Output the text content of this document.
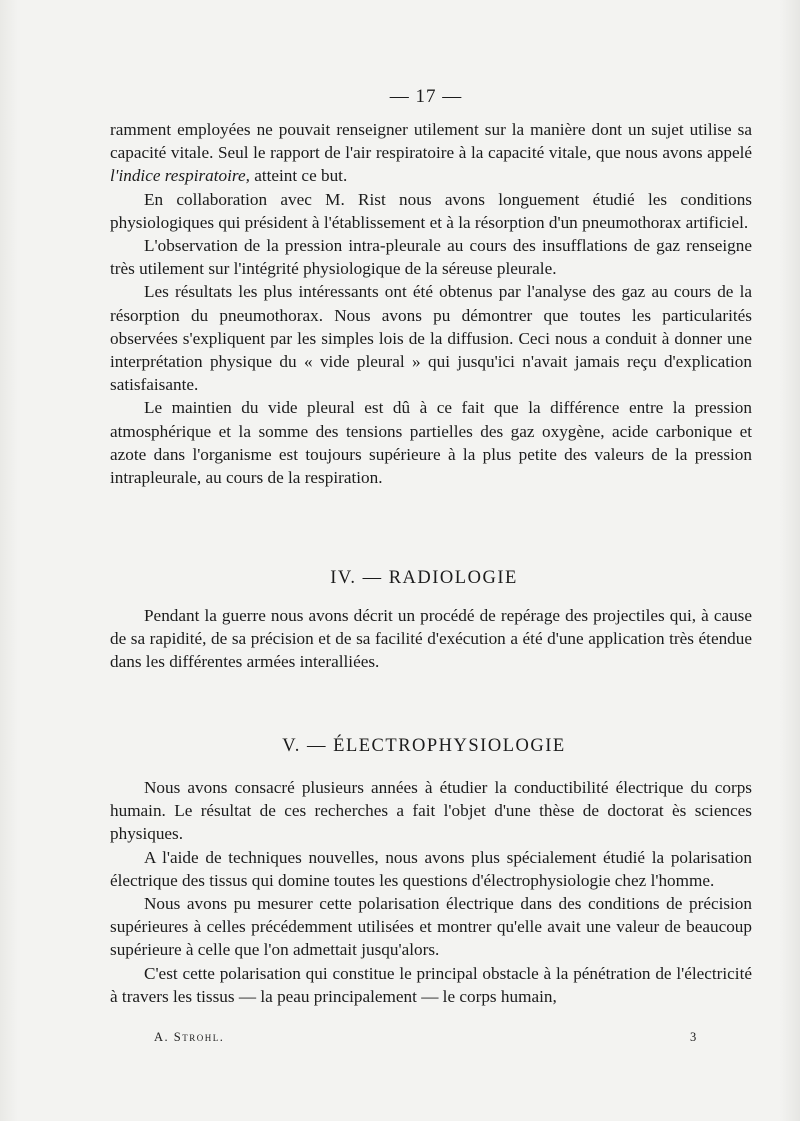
— 17 —

ramment employées ne pouvait renseigner utilement sur la manière dont un sujet utilise sa capacité vitale. Seul le rapport de l'air respiratoire à la capacité vitale, que nous avons appelé l'indice respiratoire, atteint ce but.

En collaboration avec M. Rist nous avons longuement étudié les conditions physiologiques qui président à l'établissement et à la résorption d'un pneumothorax artificiel.

L'observation de la pression intra-pleurale au cours des insufflations de gaz renseigne très utilement sur l'intégrité physiologique de la séreuse pleurale.

Les résultats les plus intéressants ont été obtenus par l'analyse des gaz au cours de la résorption du pneumothorax. Nous avons pu démontrer que toutes les particularités observées s'expliquent par les simples lois de la diffusion. Ceci nous a conduit à donner une interprétation physique du « vide pleural » qui jusqu'ici n'avait jamais reçu d'explication satisfaisante.

Le maintien du vide pleural est dû à ce fait que la différence entre la pression atmosphérique et la somme des tensions partielles des gaz oxygène, acide carbonique et azote dans l'organisme est toujours supérieure à la plus petite des valeurs de la pression intrapleurale, au cours de la respiration.

IV. — RADIOLOGIE

Pendant la guerre nous avons décrit un procédé de repérage des projectiles qui, à cause de sa rapidité, de sa précision et de sa facilité d'exécution a été d'une application très étendue dans les différentes armées interalliées.

V. — ÉLECTROPHYSIOLOGIE

Nous avons consacré plusieurs années à étudier la conductibilité électrique du corps humain. Le résultat de ces recherches a fait l'objet d'une thèse de doctorat ès sciences physiques.

A l'aide de techniques nouvelles, nous avons plus spécialement étudié la polarisation électrique des tissus qui domine toutes les questions d'électrophysiologie chez l'homme.

Nous avons pu mesurer cette polarisation électrique dans des conditions de précision supérieures à celles précédemment utilisées et montrer qu'elle avait une valeur de beaucoup supérieure à celle que l'on admettait jusqu'alors.

C'est cette polarisation qui constitue le principal obstacle à la pénétration de l'électricité à travers les tissus — la peau principalement — le corps humain,

A. Strohl.	3
